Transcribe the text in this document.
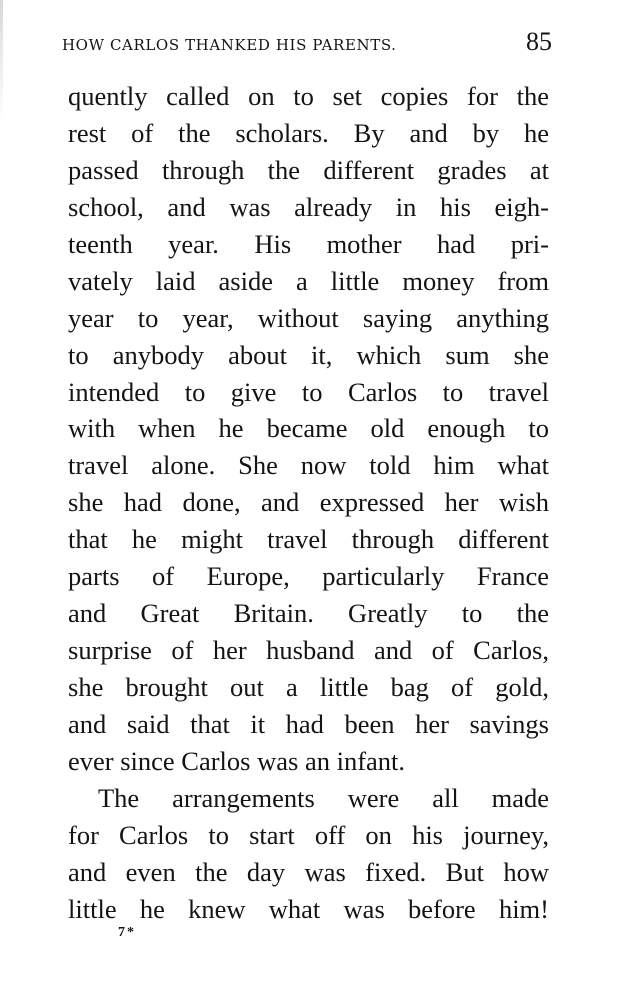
HOW CARLOS THANKED HIS PARENTS.	85
quently called on to set copies for the
rest of the scholars. By and by he
passed through the different grades at
school, and was already in his eigh-
teenth year. His mother had pri-
vately laid aside a little money from
year to year, without saying anything
to anybody about it, which sum she
intended to give to Carlos to travel
with when he became old enough to
travel alone. She now told him what
she had done, and expressed her wish
that he might travel through different
parts of Europe, particularly France
and Great Britain. Greatly to the
surprise of her husband and of Carlos,
she brought out a little bag of gold,
and said that it had been her savings
ever since Carlos was an infant.
The arrangements were all made
for Carlos to start off on his journey,
and even the day was fixed. But how
little he knew what was before him!
7*
